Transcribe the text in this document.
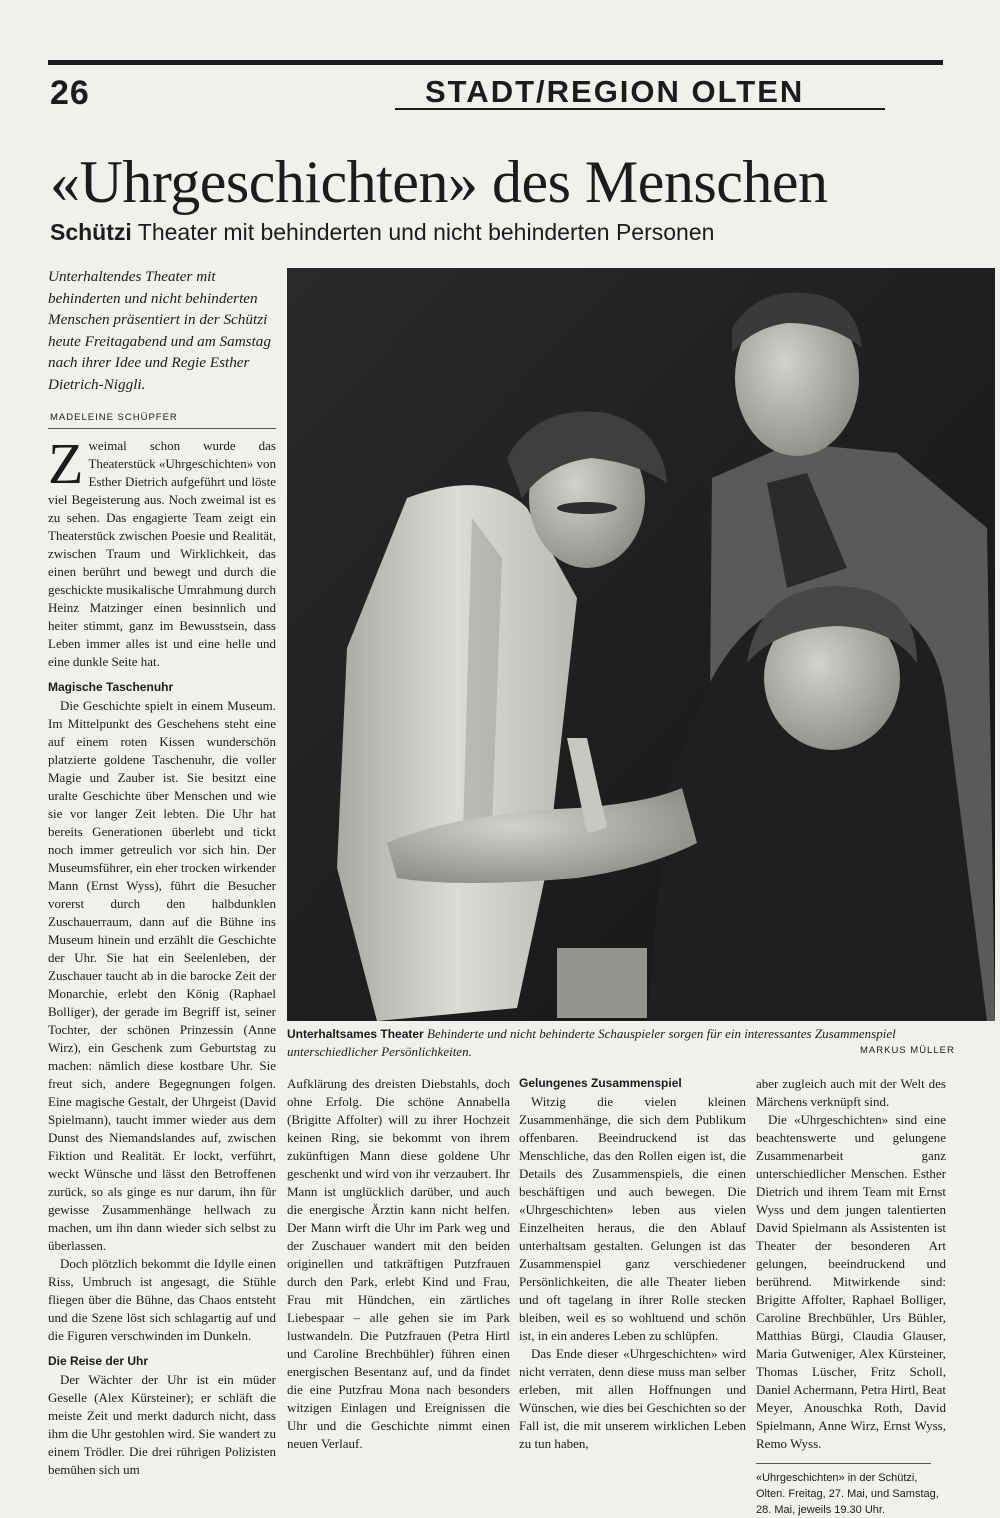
26	STADT/REGION OLTEN
«Uhrgeschichten» des Menschen
Schützi Theater mit behinderten und nicht behinderten Personen
Unterhaltendes Theater mit behinderten und nicht behinderten Menschen präsentiert in der Schützi heute Freitagabend und am Samstag nach ihrer Idee und Regie Esther Dietrich-Niggli.
MADELEINE SCHÜPFER

Zweimal schon wurde das Theaterstück «Uhrgeschichten» von Esther Dietrich aufgeführt und löste viel Begeisterung aus. Noch zweimal ist es zu sehen. Das engagierte Team zeigt ein Theaterstück zwischen Poesie und Realität, zwischen Traum und Wirklichkeit, das einen berührt und bewegt und durch die geschickte musikalische Umrahmung durch Heinz Matzinger einen besinnlich und heiter stimmt, ganz im Bewusstsein, dass Leben immer alles ist und eine helle und eine dunkle Seite hat.

Magische Taschenuhr

Die Geschichte spielt in einem Museum. Im Mittelpunkt des Geschehens steht eine auf einem roten Kissen wunderschön platzierte goldene Taschenuhr, die voller Magie und Zauber ist. Sie besitzt eine uralte Geschichte über Menschen und wie sie vor langer Zeit lebten. Die Uhr hat bereits Generationen überlebt und tickt noch immer getreulich vor sich hin. Der Museumsführer, ein eher trocken wirkender Mann (Ernst Wyss), führt die Besucher vorerst durch den halbdunklen Zuschauerraum, dann auf die Bühne ins Museum hinein und erzählt die Geschichte der Uhr. Sie hat ein Seelenleben, der Zuschauer taucht ab in die barocke Zeit der Monarchie, erlebt den König (Raphael Bolliger), der gerade im Begriff ist, seiner Tochter, der schönen Prinzessin (Anne Wirz), ein Geschenk zum Geburtstag zu machen: nämlich diese kostbare Uhr. Sie freut sich, andere Begegnungen folgen. Eine magische Gestalt, der Uhrgeist (David Spielmann), taucht immer wieder aus dem Dunst des Niemandslandes auf, zwischen Fiktion und Realität. Er lockt, verführt, weckt Wünsche und lässt den Betroffenen zurück, so als ginge es nur darum, ihn für gewisse Zusammenhänge hellwach zu machen, um ihn dann wieder sich selbst zu überlassen.

Doch plötzlich bekommt die Idylle einen Riss, Umbruch ist angesagt, die Stühle fliegen über die Bühne, das Chaos entsteht und die Szene löst sich schlagartig auf und die Figuren verschwinden im Dunkeln.

Die Reise der Uhr

Der Wächter der Uhr ist ein müder Geselle (Alex Kürsteiner); er schläft die meiste Zeit und merkt dadurch nicht, dass ihm die Uhr gestohlen wird. Sie wandert zu einem Trödler. Die drei rührigen Polizisten bemühen sich um

Unterhaltsames Theater Behinderte und nicht behinderte Schauspieler sorgen für ein interessantes Zusammenspiel unterschiedlicher Persönlichkeiten.	MARKUS MÜLLER

Aufklärung des dreisten Diebstahls, doch ohne Erfolg. Die schöne Annabella (Brigitte Affolter) will zu ihrer Hochzeit keinen Ring, sie bekommt von ihrem zukünftigen Mann diese goldene Uhr geschenkt und wird von ihr verzaubert. Ihr Mann ist unglücklich darüber, und auch die energische Ärztin kann nicht helfen. Der Mann wirft die Uhr im Park weg und der Zuschauer wandert mit den beiden originellen und tatkräftigen Putzfrauen durch den Park, erlebt Kind und Frau, Frau mit Hündchen, ein zärtliches Liebespaar – alle gehen sie im Park lustwandeln. Die Putzfrauen (Petra Hirtl und Caroline Brechbühler) führen einen energischen Besentanz auf, und da findet die eine Putzfrau Mona nach besonders witzigen Einlagen und Ereignissen die Uhr und die Geschichte nimmt einen neuen Verlauf.

Gelungenes Zusammenspiel

Witzig die vielen kleinen Zusammenhänge, die sich dem Publikum offenbaren. Beeindruckend ist das Menschliche, das den Rollen eigen ist, die Details des Zusammenspiels, die einen beschäftigen und auch bewegen. Die «Uhrgeschichten» leben aus vielen Einzelheiten heraus, die den Ablauf unterhaltsam gestalten. Gelungen ist das Zusammenspiel ganz verschiedener Persönlichkeiten, die alle Theater lieben und oft tagelang in ihrer Rolle stecken bleiben, weil es so wohltuend und schön ist, in ein anderes Leben zu schlüpfen.

Das Ende dieser «Uhrgeschichten» wird nicht verraten, denn diese muss man selber erleben, mit allen Hoffnungen und Wünschen, wie dies bei Geschichten so der Fall ist, die mit unserem wirklichen Leben zu tun haben,

aber zugleich auch mit der Welt des Märchens verknüpft sind.

Die «Uhrgeschichten» sind eine beachtenswerte und gelungene Zusammenarbeit ganz unterschiedlicher Menschen. Esther Dietrich und ihrem Team mit Ernst Wyss und dem jungen talentierten David Spielmann als Assistenten ist Theater der besonderen Art gelungen, beeindruckend und berührend. Mitwirkende sind: Brigitte Affolter, Raphael Bolliger, Caroline Brechbühler, Urs Bühler, Matthias Bürgi, Claudia Glauser, Maria Gutweniger, Alex Kürsteiner, Thomas Lüscher, Fritz Scholl, Daniel Achermann, Petra Hirtl, Beat Meyer, Anouschka Roth, David Spielmann, Anne Wirz, Ernst Wyss, Remo Wyss.

«Uhrgeschichten» in der Schützi, Olten. Freitag, 27. Mai, und Samstag, 28. Mai, jeweils 19.30 Uhr.
